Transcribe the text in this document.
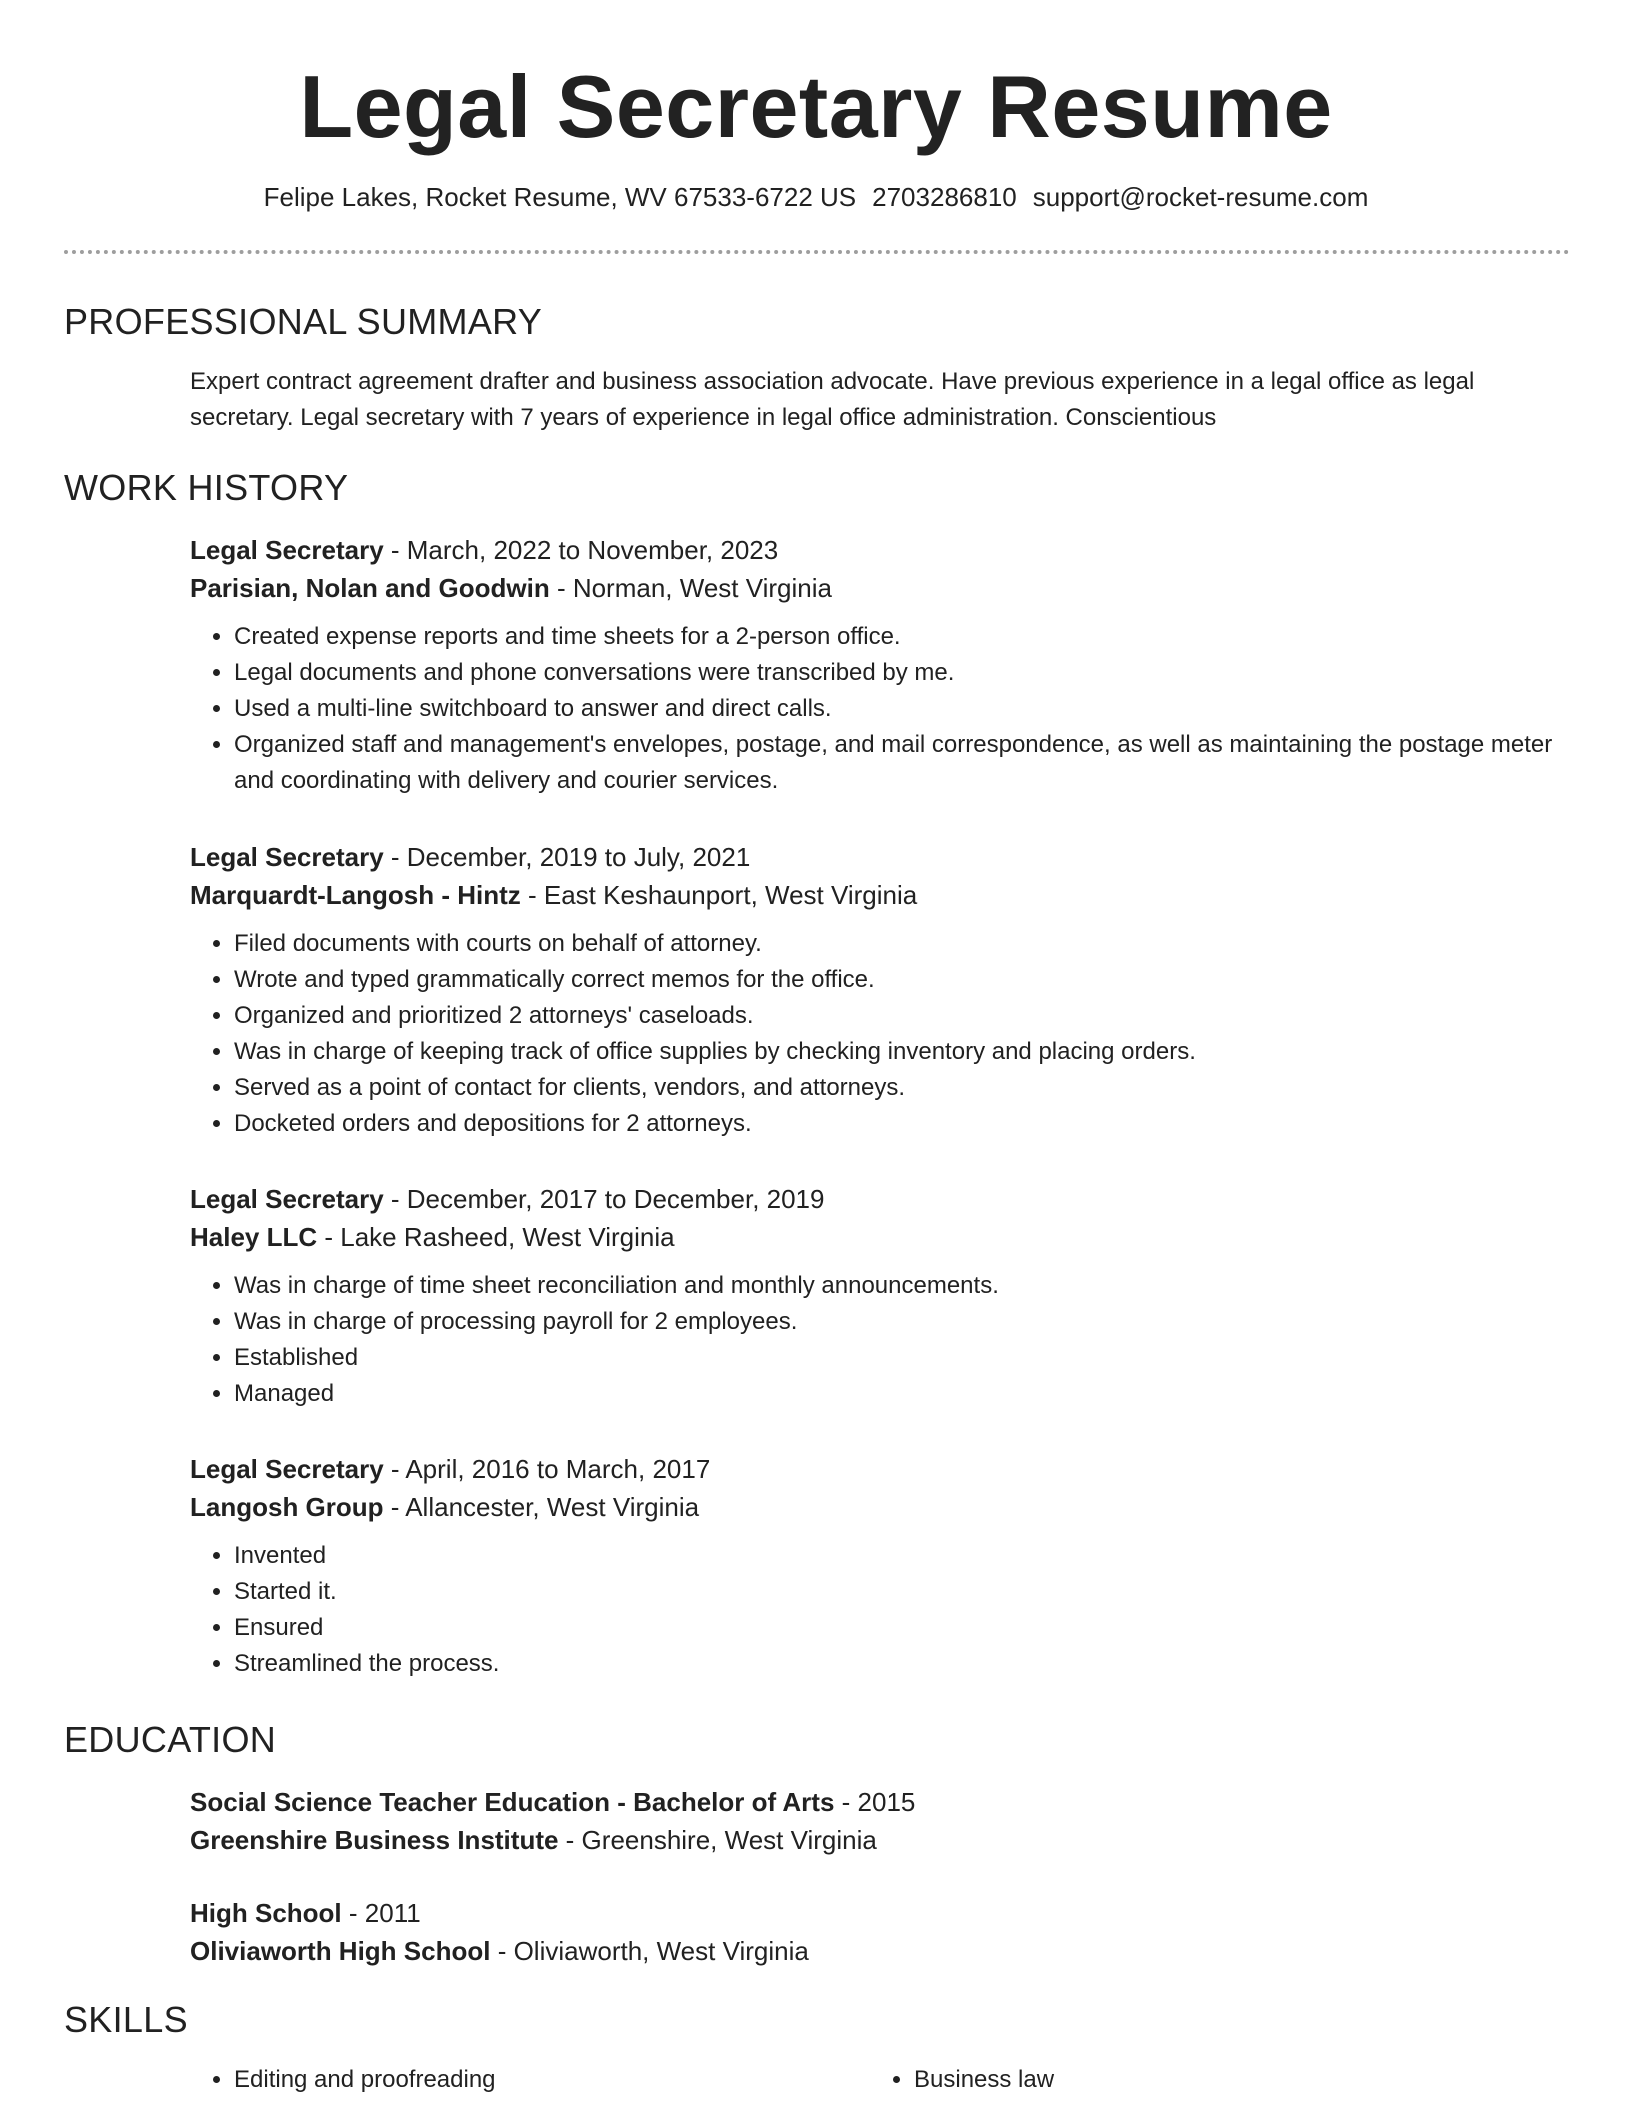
Legal Secretary Resume
Felipe Lakes, Rocket Resume, WV 67533-6722 US 2703286810 support@rocket-resume.com
PROFESSIONAL SUMMARY
Expert contract agreement drafter and business association advocate. Have previous experience in a legal office as legal secretary. Legal secretary with 7 years of experience in legal office administration. Conscientious
WORK HISTORY
Legal Secretary - March, 2022 to November, 2023
Parisian, Nolan and Goodwin - Norman, West Virginia
• Created expense reports and time sheets for a 2-person office.
• Legal documents and phone conversations were transcribed by me.
• Used a multi-line switchboard to answer and direct calls.
• Organized staff and management's envelopes, postage, and mail correspondence, as well as maintaining the postage meter and coordinating with delivery and courier services.
Legal Secretary - December, 2019 to July, 2021
Marquardt-Langosh - Hintz - East Keshaunport, West Virginia
• Filed documents with courts on behalf of attorney.
• Wrote and typed grammatically correct memos for the office.
• Organized and prioritized 2 attorneys' caseloads.
• Was in charge of keeping track of office supplies by checking inventory and placing orders.
• Served as a point of contact for clients, vendors, and attorneys.
• Docketed orders and depositions for 2 attorneys.
Legal Secretary - December, 2017 to December, 2019
Haley LLC - Lake Rasheed, West Virginia
• Was in charge of time sheet reconciliation and monthly announcements.
• Was in charge of processing payroll for 2 employees.
• Established
• Managed
Legal Secretary - April, 2016 to March, 2017
Langosh Group - Allancester, West Virginia
• Invented
• Started it.
• Ensured
• Streamlined the process.
EDUCATION
Social Science Teacher Education - Bachelor of Arts - 2015
Greenshire Business Institute - Greenshire, West Virginia
High School - 2011
Oliviaworth High School - Oliviaworth, West Virginia
SKILLS
• Editing and proofreading
•	Business law
